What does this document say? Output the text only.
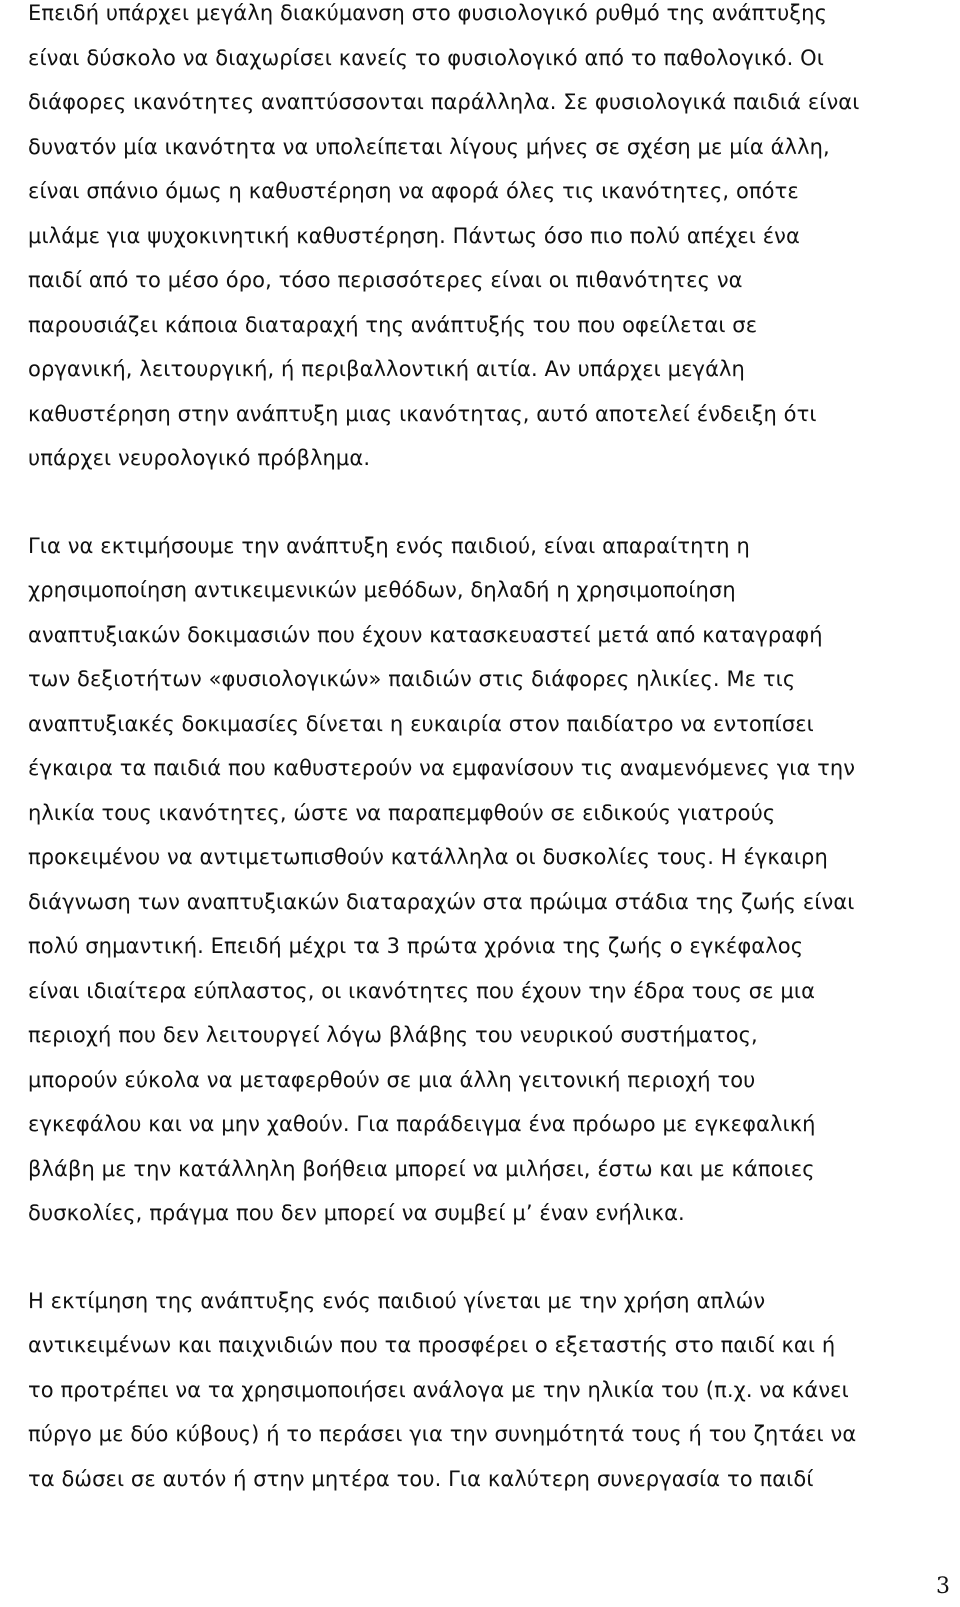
Επειδή υπάρχει μεγάλη διακύμανση στο φυσιολογικό ρυθμό της ανάπτυξης
είναι δύσκολο να διαχωρίσει κανείς το φυσιολογικό από το παθολογικό. Οι
διάφορες ικανότητες αναπτύσσονται παράλληλα. Σε φυσιολογικά παιδιά είναι
δυνατόν μία ικανότητα να υπολείπεται λίγους μήνες σε σχέση με μία άλλη,
είναι σπάνιο όμως η καθυστέρηση να αφορά όλες τις ικανότητες, οπότε
μιλάμε για ψυχοκινητική καθυστέρηση. Πάντως όσο πιο πολύ απέχει ένα
παιδί από το μέσο όρο, τόσο περισσότερες είναι οι πιθανότητες να
παρουσιάζει κάποια διαταραχή της ανάπτυξής του που οφείλεται σε
οργανική, λειτουργική, ή περιβαλλοντική αιτία. Αν υπάρχει μεγάλη
καθυστέρηση στην ανάπτυξη μιας ικανότητας, αυτό αποτελεί ένδειξη ότι
υπάρχει νευρολογικό πρόβλημα.
Για να εκτιμήσουμε την ανάπτυξη ενός παιδιού, είναι απαραίτητη η
χρησιμοποίηση αντικειμενικών μεθόδων, δηλαδή η χρησιμοποίηση
αναπτυξιακών δοκιμασιών που έχουν κατασκευαστεί μετά από καταγραφή
των δεξιοτήτων «φυσιολογικών» παιδιών στις διάφορες ηλικίες. Με τις
αναπτυξιακές δοκιμασίες δίνεται η ευκαιρία στον παιδίατρο να εντοπίσει
έγκαιρα τα παιδιά που καθυστερούν να εμφανίσουν τις αναμενόμενες για την
ηλικία τους ικανότητες, ώστε να παραπεμφθούν σε ειδικούς γιατρούς
προκειμένου να αντιμετωπισθούν κατάλληλα οι δυσκολίες τους. Η έγκαιρη
διάγνωση των αναπτυξιακών διαταραχών στα πρώιμα στάδια της ζωής είναι
πολύ σημαντική. Επειδή μέχρι τα 3 πρώτα χρόνια της ζωής ο εγκέφαλος
είναι ιδιαίτερα εύπλαστος, οι ικανότητες που έχουν την έδρα τους σε μια
περιοχή που δεν λειτουργεί λόγω βλάβης του νευρικού συστήματος,
μπορούν εύκολα να μεταφερθούν σε μια άλλη γειτονική περιοχή του
εγκεφάλου και να μην χαθούν. Για παράδειγμα ένα πρόωρο με εγκεφαλική
βλάβη με την κατάλληλη βοήθεια μπορεί να μιλήσει, έστω και με κάποιες
δυσκολίες, πράγμα που δεν μπορεί να συμβεί μ’ έναν ενήλικα.
Η εκτίμηση της ανάπτυξης ενός παιδιού γίνεται με την χρήση απλών
αντικειμένων και παιχνιδιών που τα προσφέρει ο εξεταστής στο παιδί και ή
το προτρέπει να τα χρησιμοποιήσει ανάλογα με την ηλικία του (π.χ. να κάνει
πύργο με δύο κύβους) ή το περάσει για την συνημότητά τους ή του ζητάει να
τα δώσει σε αυτόν ή στην μητέρα του. Για καλύτερη συνεργασία το παιδί
3
